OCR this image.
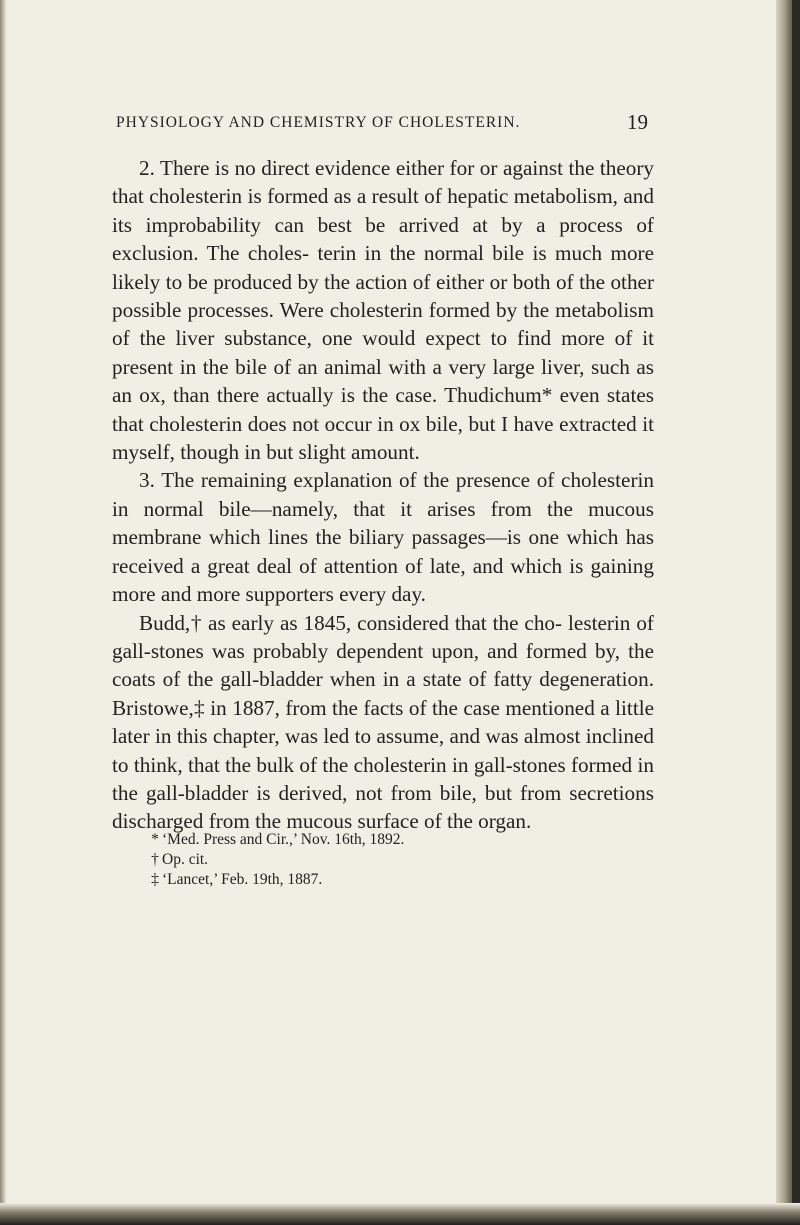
PHYSIOLOGY AND CHEMISTRY OF CHOLESTERIN.	19

2. There is no direct evidence either for or against the theory that cholesterin is formed as a result of hepatic metabolism, and its improbability can best be arrived at by a process of exclusion. The choles- terin in the normal bile is much more likely to be produced by the action of either or both of the other possible processes. Were cholesterin formed by the metabolism of the liver substance, one would expect to find more of it present in the bile of an animal with a very large liver, such as an ox, than there actually is the case. Thudichum* even states that cholesterin does not occur in ox bile, but I have extracted it myself, though in but slight amount.

3. The remaining explanation of the presence of cholesterin in normal bile—namely, that it arises from the mucous membrane which lines the biliary passages—is one which has received a great deal of attention of late, and which is gaining more and more supporters every day.

Budd,† as early as 1845, considered that the cho- lesterin of gall-stones was probably dependent upon, and formed by, the coats of the gall-bladder when in a state of fatty degeneration. Bristowe,‡ in 1887, from the facts of the case mentioned a little later in this chapter, was led to assume, and was almost inclined to think, that the bulk of the cholesterin in gall-stones formed in the gall-bladder is derived, not from bile, but from secretions discharged from the mucous surface of the organ.

* ‘Med. Press and Cir.,’ Nov. 16th, 1892.
† Op. cit.
‡ ‘Lancet,’ Feb. 19th, 1887.
